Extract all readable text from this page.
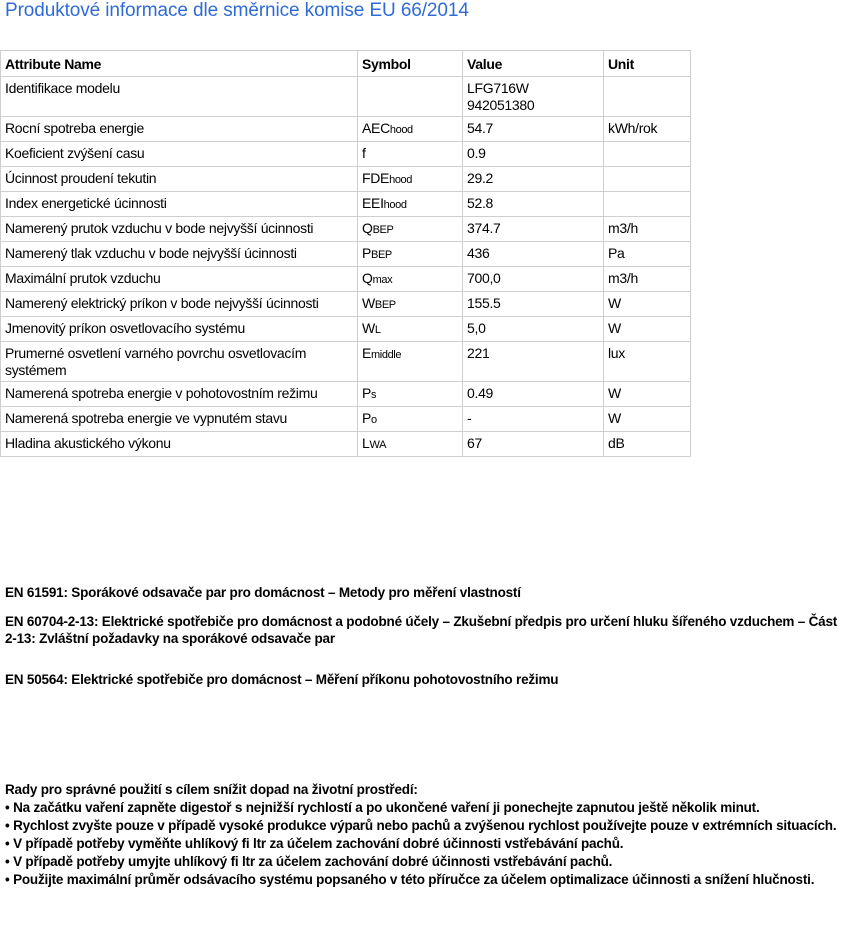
Produktové informace dle směrnice komise EU 66/2014
Attribute Name	Symbol	Value	Unit
Identifikace modelu		LFG716W
942051380	

Rocní spotreba energie	AEChood	54.7	kWh/rok
Koeficient zvýšení casu	f	0.9	

Úcinnost proudení tekutin	FDEhood	29.2	

Index energetické úcinnosti	EEIhood	52.8	

Namerený prutok vzduchu v bode nejvyšší úcinnosti	QBEP	374.7	m3/h
Namerený tlak vzduchu v bode nejvyšší úcinnosti	PBEP	436	Pa
Maximální prutok vzduchu	Qmax	700,0	m3/h
Namerený elektrický príkon v bode nejvyšší úcinnosti	WBEP	155.5	W
Jmenovitý príkon osvetlovacího systému	WL	5,0	W
Prumerné osvetlení varného povrchu osvetlovacím systémem	Emiddle	221	lux
Namerená spotreba energie v pohotovostním režimu	Ps	0.49	W
Namerená spotreba energie ve vypnutém stavu	Po	-	W
Hladina akustického výkonu	LWA	67	dB
EN 61591: Sporákové odsavače par pro domácnost – Metody pro měření vlastností
EN 60704-2-13: Elektrické spotřebiče pro domácnost a podobné účely – Zkušební předpis pro určení hluku šířeného vzduchem – Část 2-13: Zvláštní požadavky na sporákové odsavače par
EN 50564: Elektrické spotřebiče pro domácnost – Měření příkonu pohotovostního režimu
Rady pro správné použití s cílem snížit dopad na životní prostředí:
• Na začátku vaření zapněte digestoř s nejnižší rychlostí a po ukončené vaření ji ponechejte zapnutou ještě několik minut.
• Rychlost zvyšte pouze v případě vysoké produkce výparů nebo pachů a zvýšenou rychlost používejte pouze v extrémních situacích.
• V případě potřeby vyměňte uhlíkový fi ltr za účelem zachování dobré účinnosti vstřebávání pachů.
• V případě potřeby umyjte uhlíkový fi ltr za účelem zachování dobré účinnosti vstřebávání pachů.
• Použijte maximální průměr odsávacího systému popsaného v této příručce za účelem optimalizace účinnosti a snížení hlučnosti.
